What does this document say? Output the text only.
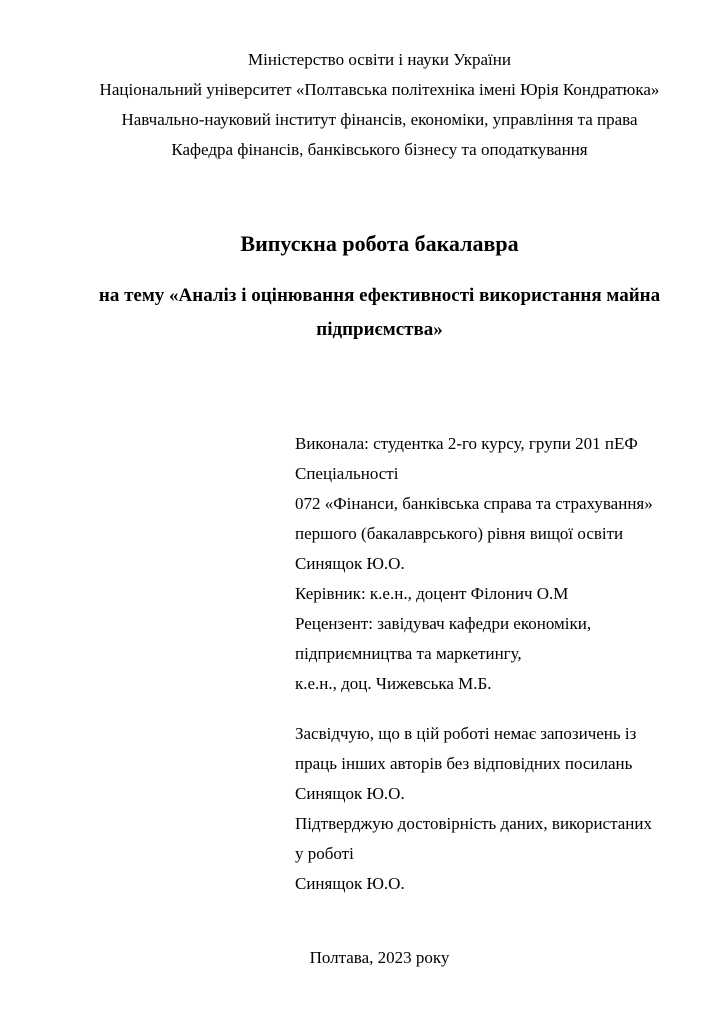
Міністерство освіти і науки України
Національний університет «Полтавська політехніка імені Юрія Кондратюка»
Навчально-науковий інститут фінансів, економіки, управління та права
Кафедра фінансів, банківського бізнесу та оподаткування
Випускна робота бакалавра
на тему «Аналіз і оцінювання ефективності використання майна
підприємства»
Виконала: студентка 2-го курсу, групи 201 пЕФ
Спеціальності
072 «Фінанси, банківська справа та страхування»
першого (бакалаврського) рівня вищої освіти
Синящок Ю.О.
Керівник: к.е.н., доцент Філонич О.М
Рецензент: завідувач кафедри економіки,
підприємництва та маркетингу,
к.е.н., доц. Чижевська М.Б.
Засвідчую, що в цій роботі немає запозичень із
праць інших авторів без відповідних посилань
Синящок Ю.О.
Підтверджую достовірність даних, використаних
у роботі
Синящок Ю.О.
Полтава, 2023 року
